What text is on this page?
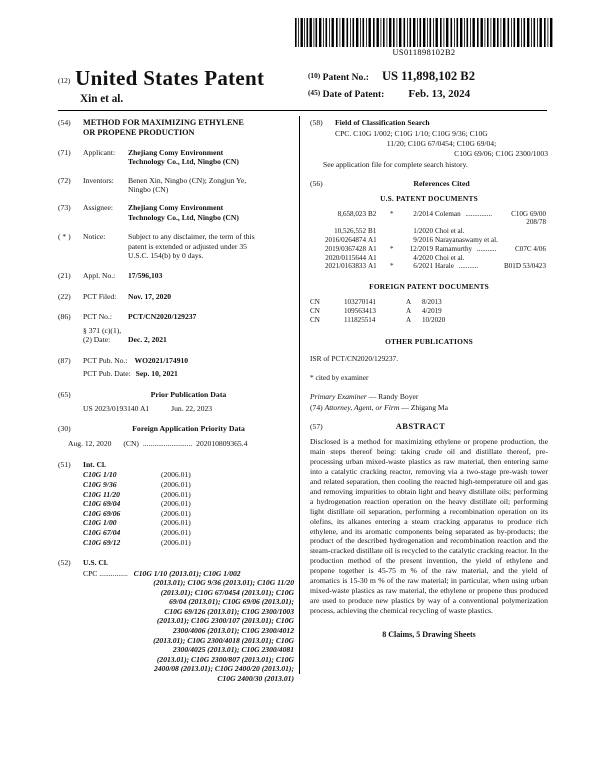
US011898102B2
(12) United States Patent
Xin et al.
$^{(10)}$ Patent No.: US 11,898,102 B2
$^{(45)}$ Date of Patent: Feb. 13, 2024
(54)	METHOD FOR MAXIMIZING ETHYLENE
OR PROPENE PRODUCTION
(71)	Applicant:	Zhejiang Comy Environment
Technology Co., Ltd, Ningbo (CN)
(72)	Inventors:	Benen Xin, Ningbo (CN); Zongjun Ye,
Ningbo (CN)
(73)	Assignee:	Zhejiang Comy Environment
Technology Co., Ltd, Ningbo (CN)
( * )	Notice:	Subject to any disclaimer, the term of this
patent is extended or adjusted under 35
U.S.C. 154(b) by 0 days.
(21)	Appl. No.:	17/596,103
(22)	PCT Filed:	Nov. 17, 2020
(86)	PCT No.:	PCT/CN2020/129237
§ 371 (c)(1),
(2) Date:	Dec. 2, 2021
(87)	PCT Pub. No.: WO2021/174910
PCT Pub. Date: Sep. 10, 2021
(65)	Prior Publication Data
US 2023/0193140 A1	Jun. 22, 2023
(30)	Foreign Application Priority Data
Aug. 12, 2020 (CN) .......................... 202010809365.4
(51)	Int. Cl.
C10G 1/10	(2006.01)
C10G 9/36	(2006.01)
C10G 11/20	(2006.01)
C10G 69/04	(2006.01)
C10G 69/06	(2006.01)
C10G 1/00	(2006.01)
C10G 67/04	(2006.01)
C10G 69/12	(2006.01)
(52)	U.S. Cl.
CPC ............... C10G 1/10 (2013.01); C10G 1/002
(2013.01); C10G 9/36 (2013.01); C10G 11/20
(2013.01); C10G 67/0454 (2013.01); C10G
69/04 (2013.01); C10G 69/06 (2013.01);
C10G 69/126 (2013.01); C10G 2300/1003
(2013.01); C10G 2300/107 (2013.01); C10G
2300/4006 (2013.01); C10G 2300/4012
(2013.01); C10G 2300/4018 (2013.01); C10G
2300/4025 (2013.01); C10G 2300/4081
(2013.01); C10G 2300/807 (2013.01); C10G
2400/08 (2013.01); C10G 2400/20 (2013.01);
C10G 2400/30 (2013.01)
(58)	Field of Classification Search
CPC. C10G 1/002; C10G 1/10; C10G 9/36; C10G
11/20; C10G 67/0454; C10G 69/04;
C10G 69/06; C10G 2300/1003
See application file for complete search history.
(56)	References Cited
U.S. PATENT DOCUMENTS
8,658,023	B2	*	2/2014	Coleman ...............	C10G 69/00
208/78					
10,526,552	B1		1/2020	Choi et al.	
2016/0264874	A1		9/2016	Narayanaswamy et al.	
2019/0367428	A1	*	12/2019	Ramamurthy ...........	C07C 4/06
2020/0115644	A1		4/2020	Choi et al.	
2021/0163833	A1	*	6/2021	Harale ...........	B01D 53/0423
FOREIGN PATENT DOCUMENTS
CN	103270141	A	8/2013
CN	109563413	A	4/2019
CN	111825514	A	10/2020
OTHER PUBLICATIONS
ISR of PCT/CN2020/129237.
* cited by examiner
Primary Examiner — Randy Boyer
(74) Attorney, Agent, or Firm — Zhigang Ma
(57)	ABSTRACT
Disclosed is a method for maximizing ethylene or propene production, the main steps thereof being: taking crude oil and distillate thereof, pre-processing urban mixed-waste plastics as raw material, then entering same into a catalytic cracking reactor, removing via a two-stage pre-wash tower and related separation, then cooling the reacted high-temperature oil and gas and removing impurities to obtain light and heavy distillate oils; performing a hydrogenation reaction operation on the heavy distillate oil; performing light distillate oil separation, performing a recombination operation on its olefins, its alkanes entering a steam cracking apparatus to produce rich ethylene, and its aromatic components being separated as by-products; the product of the described hydrogenation and recombination reaction and the steam-cracked distillate oil is recycled to the catalytic cracking reactor. In the production method of the present invention, the yield of ethylene and propene together is 45-75 m % of the raw material, and the yield of aromatics is 15-30 m % of the raw material; in particular, when using urban mixed-waste plastics as raw material, the ethylene or propene thus produced are used to produce new plastics by way of a conventional polymerization process, achieving the chemical recycling of waste plastics.
8 Claims, 5 Drawing Sheets
